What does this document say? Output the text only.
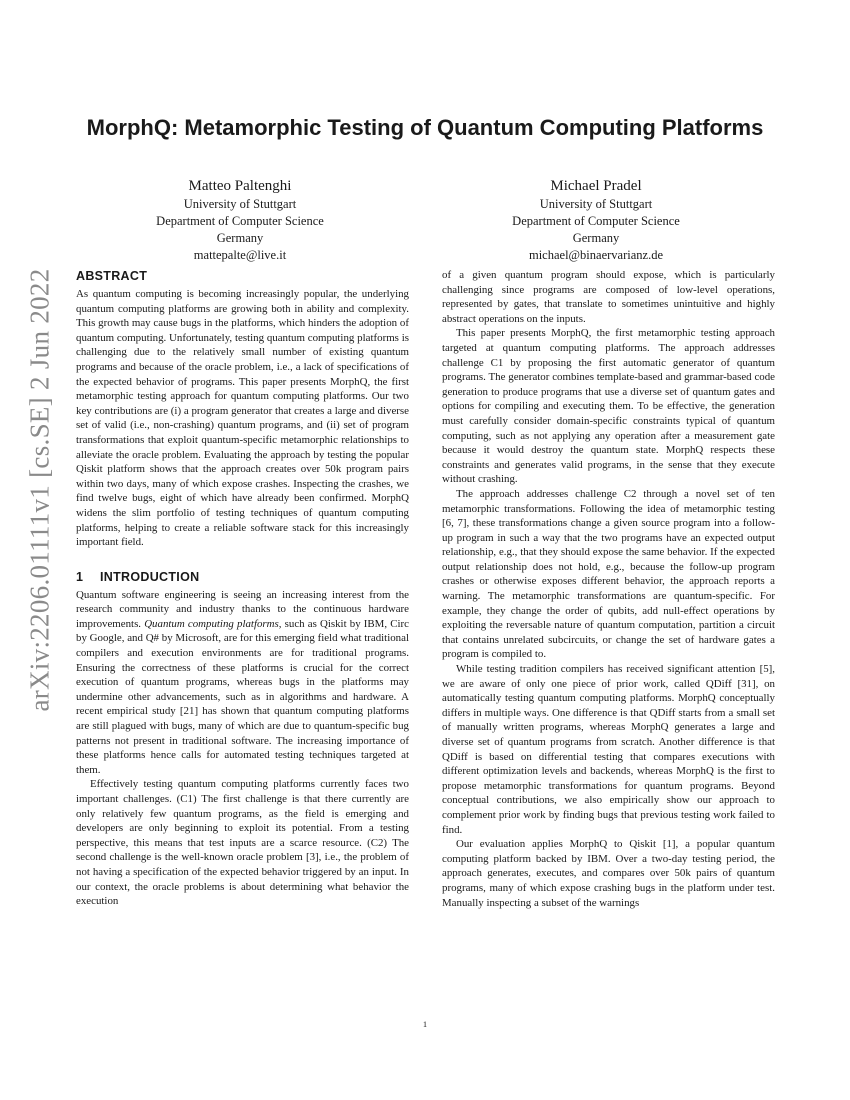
arXiv:2206.01111v1 [cs.SE] 2 Jun 2022
MorphQ: Metamorphic Testing of Quantum Computing Platforms
Matteo Paltenghi
University of Stuttgart
Department of Computer Science
Germany
mattepalte@live.it
Michael Pradel
University of Stuttgart
Department of Computer Science
Germany
michael@binaervarianz.de
ABSTRACT

As quantum computing is becoming increasingly popular, the underlying quantum computing platforms are growing both in ability and complexity. This growth may cause bugs in the platforms, which hinders the adoption of quantum computing. Unfortunately, testing quantum computing platforms is challenging due to the relatively small number of existing quantum programs and because of the oracle problem, i.e., a lack of specifications of the expected behavior of programs. This paper presents MorphQ, the first metamorphic testing approach for quantum computing platforms. Our two key contributions are (i) a program generator that creates a large and diverse set of valid (i.e., non-crashing) quantum programs, and (ii) set of program transformations that exploit quantum-specific metamorphic relationships to alleviate the oracle problem. Evaluating the approach by testing the popular Qiskit platform shows that the approach creates over 50k program pairs within two days, many of which expose crashes. Inspecting the crashes, we find twelve bugs, eight of which have already been confirmed. MorphQ widens the slim portfolio of testing techniques of quantum computing platforms, helping to create a reliable software stack for this increasingly important field.

1 INTRODUCTION

Quantum software engineering is seeing an increasing interest from the research community and industry thanks to the continuous hardware improvements. Quantum computing platforms, such as Qiskit by IBM, Circ by Google, and Q# by Microsoft, are for this emerging field what traditional compilers and execution environments are for traditional programs. Ensuring the correctness of these platforms is crucial for the correct execution of quantum programs, whereas bugs in the platforms may undermine other advancements, such as in algorithms and hardware. A recent empirical study [21] has shown that quantum computing platforms are still plagued with bugs, many of which are due to quantum-specific bug patterns not present in traditional software. The increasing importance of these platforms hence calls for automated testing techniques targeted at them.

Effectively testing quantum computing platforms currently faces two important challenges. (C1) The first challenge is that there currently are only relatively few quantum programs, as the field is emerging and developers are only beginning to exploit its potential. From a testing perspective, this means that test inputs are a scarce resource. (C2) The second challenge is the well-known oracle problem [3], i.e., the problem of not having a specification of the expected behavior triggered by an input. In our context, the oracle problems is about determining what behavior the execution

of a given quantum program should expose, which is particularly challenging since programs are composed of low-level operations, represented by gates, that translate to sometimes unintuitive and highly abstract operations on the inputs.

This paper presents MorphQ, the first metamorphic testing approach targeted at quantum computing platforms. The approach addresses challenge C1 by proposing the first automatic generator of quantum programs. The generator combines template-based and grammar-based code generation to produce programs that use a diverse set of quantum gates and options for compiling and executing them. To be effective, the generation must carefully consider domain-specific constraints typical of quantum computing, such as not applying any operation after a measurement gate because it would destroy the quantum state. MorphQ respects these constraints and generates valid programs, in the sense that they execute without crashing.

The approach addresses challenge C2 through a novel set of ten metamorphic transformations. Following the idea of metamorphic testing [6, 7], these transformations change a given source program into a follow-up program in such a way that the two programs have an expected output relationship, e.g., that they should expose the same behavior. If the expected output relationship does not hold, e.g., because the follow-up program crashes or otherwise exposes different behavior, the approach reports a warning. The metamorphic transformations are quantum-specific. For example, they change the order of qubits, add null-effect operations by exploiting the reversable nature of quantum computation, partition a circuit that contains unrelated subcircuits, or change the set of hardware gates a program is compiled to.

While testing tradition compilers has received significant attention [5], we are aware of only one piece of prior work, called QDiff [31], on automatically testing quantum computing platforms. MorphQ conceptually differs in multiple ways. One difference is that QDiff starts from a small set of manually written programs, whereas MorphQ generates a large and diverse set of quantum programs from scratch. Another difference is that QDiff is based on differential testing that compares executions with different optimization levels and backends, whereas MorphQ is the first to propose metamorphic transformations for quantum programs. Beyond conceptual contributions, we also empirically show our approach to complement prior work by finding bugs that previous testing work failed to find.

Our evaluation applies MorphQ to Qiskit [1], a popular quantum computing platform backed by IBM. Over a two-day testing period, the approach generates, executes, and compares over 50k pairs of quantum programs, many of which expose crashing bugs in the platform under test. Manually inspecting a subset of the warnings

1
